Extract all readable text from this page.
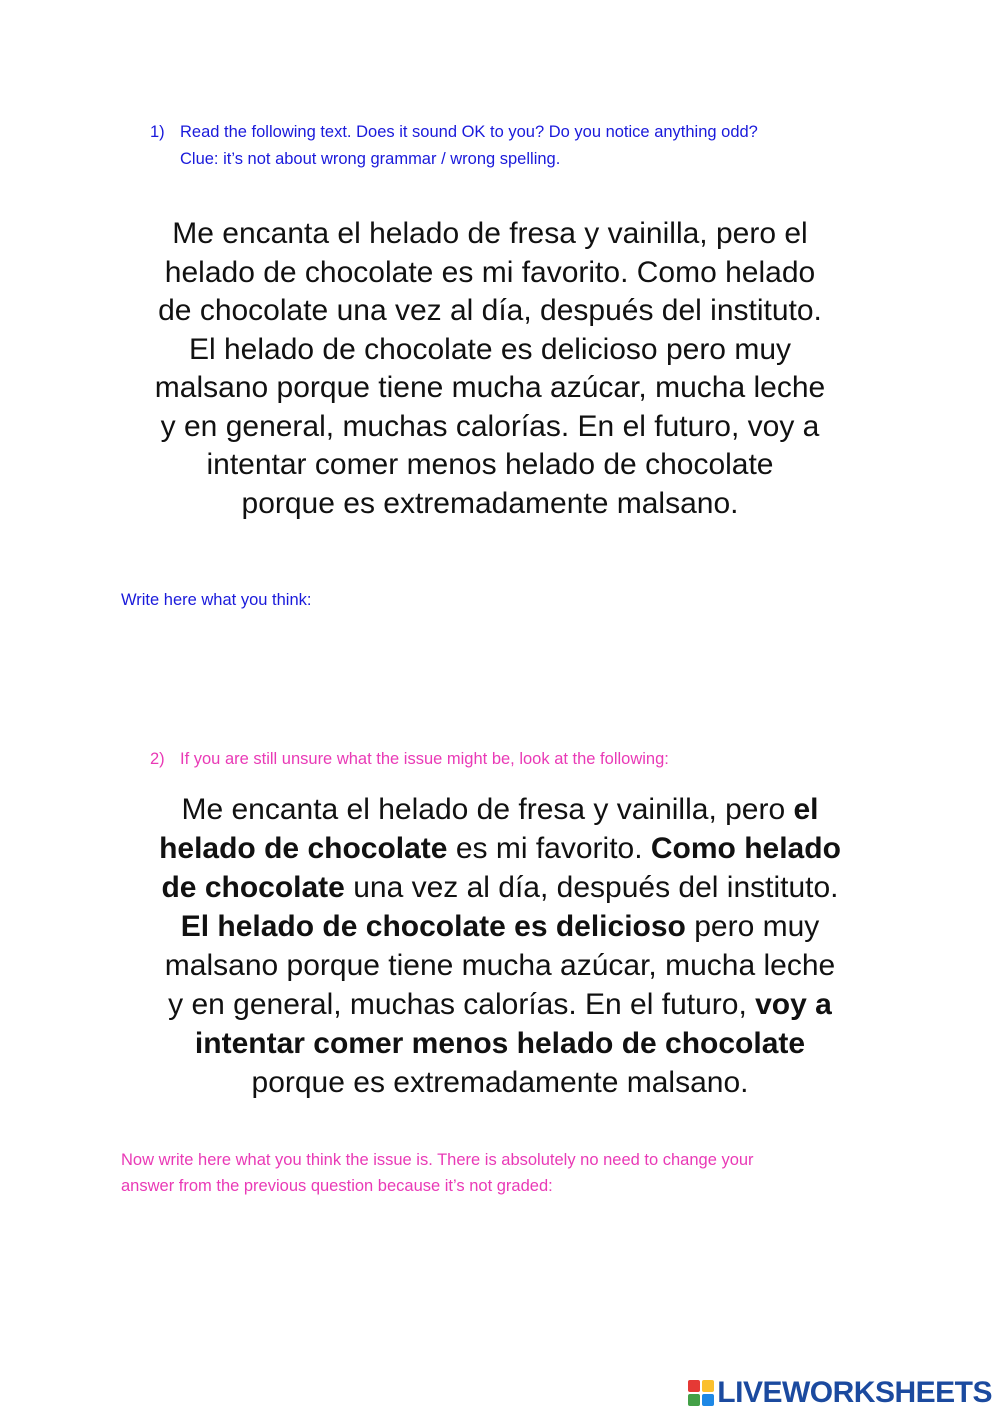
1) Read the following text. Does it sound OK to you? Do you notice anything odd?
Clue: it’s not about wrong grammar / wrong spelling.
Me encanta el helado de fresa y vainilla, pero el
helado de chocolate es mi favorito. Como helado
de chocolate una vez al día, después del instituto.
El helado de chocolate es delicioso pero muy
malsano porque tiene mucha azúcar, mucha leche
y en general, muchas calorías. En el futuro, voy a
intentar comer menos helado de chocolate
porque es extremadamente malsano.
Write here what you think:
2) If you are still unsure what the issue might be, look at the following:
Me encanta el helado de fresa y vainilla, pero el
helado de chocolate es mi favorito. Como helado
de chocolate una vez al día, después del instituto.
El helado de chocolate es delicioso pero muy
malsano porque tiene mucha azúcar, mucha leche
y en general, muchas calorías. En el futuro, voy a
intentar comer menos helado de chocolate
porque es extremadamente malsano.
Now write here what you think the issue is. There is absolutely no need to change your
answer from the previous question because it’s not graded:
LIVEWORKSHEETS
